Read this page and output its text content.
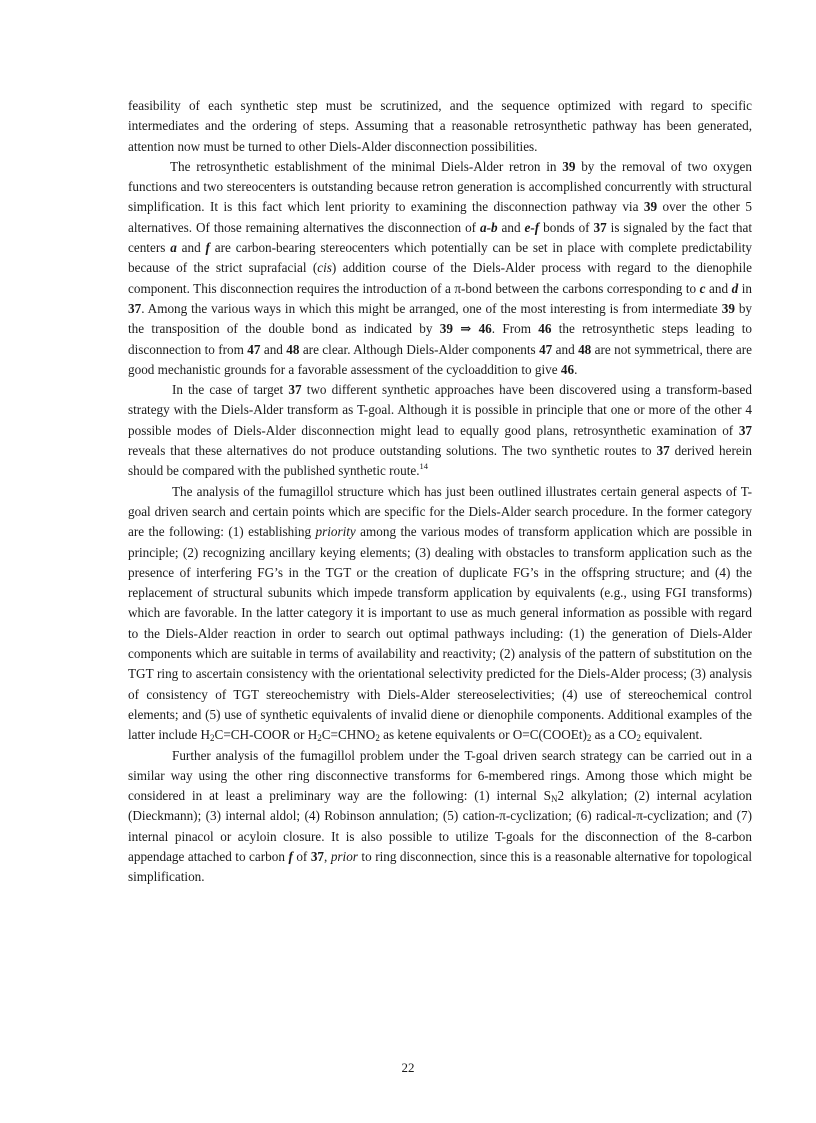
feasibility of each synthetic step must be scrutinized, and the sequence optimized with regard to specific intermediates and the ordering of steps. Assuming that a reasonable retrosynthetic pathway has been generated, attention now must be turned to other Diels-Alder disconnection possibilities.

The retrosynthetic establishment of the minimal Diels-Alder retron in 39 by the removal of two oxygen functions and two stereocenters is outstanding because retron generation is accomplished concurrently with structural simplification. It is this fact which lent priority to examining the disconnection pathway via 39 over the other 5 alternatives. Of those remaining alternatives the disconnection of a-b and e-f bonds of 37 is signaled by the fact that centers a and f are carbon-bearing stereocenters which potentially can be set in place with complete predictability because of the strict suprafacial (cis) addition course of the Diels-Alder process with regard to the dienophile component. This disconnection requires the introduction of a π-bond between the carbons corresponding to c and d in 37. Among the various ways in which this might be arranged, one of the most interesting is from intermediate 39 by the transposition of the double bond as indicated by 39 ⇒ 46. From 46 the retrosynthetic steps leading to disconnection to from 47 and 48 are clear. Although Diels-Alder components 47 and 48 are not symmetrical, there are good mechanistic grounds for a favorable assessment of the cycloaddition to give 46.

In the case of target 37 two different synthetic approaches have been discovered using a transform-based strategy with the Diels-Alder transform as T-goal. Although it is possible in principle that one or more of the other 4 possible modes of Diels-Alder disconnection might lead to equally good plans, retrosynthetic examination of 37 reveals that these alternatives do not produce outstanding solutions. The two synthetic routes to 37 derived herein should be compared with the published synthetic route.$^{14}$

The analysis of the fumagillol structure which has just been outlined illustrates certain general aspects of T-goal driven search and certain points which are specific for the Diels-Alder search procedure. In the former category are the following: (1) establishing priority among the various modes of transform application which are possible in principle; (2) recognizing ancillary keying elements; (3) dealing with obstacles to transform application such as the presence of interfering FG’s in the TGT or the creation of duplicate FG’s in the offspring structure; and (4) the replacement of structural subunits which impede transform application by equivalents (e.g., using FGI transforms) which are favorable. In the latter category it is important to use as much general information as possible with regard to the Diels-Alder reaction in order to search out optimal pathways including: (1) the generation of Diels-Alder components which are suitable in terms of availability and reactivity; (2) analysis of the pattern of substitution on the TGT ring to ascertain consistency with the orientational selectivity predicted for the Diels-Alder process; (3) analysis of consistency of TGT stereochemistry with Diels-Alder stereoselectivities; (4) use of stereochemical control elements; and (5) use of synthetic equivalents of invalid diene or dienophile components. Additional examples of the latter include $H_2C=CH$-COOR or $H_2C=CHNO_2$ as ketene equivalents or $O=C(COOEt)_2$ as a $CO_2$ equivalent.

Further analysis of the fumagillol problem under the T-goal driven search strategy can be carried out in a similar way using the other ring disconnective transforms for 6-membered rings. Among those which might be considered in at least a preliminary way are the following: (1) internal $S_N2$ alkylation; (2) internal acylation (Dieckmann); (3) internal aldol; (4) Robinson annulation; (5) cation-π-cyclization; (6) radical-π-cyclization; and (7) internal pinacol or acyloin closure. It is also possible to utilize T-goals for the disconnection of the 8-carbon appendage attached to carbon f of 37, prior to ring disconnection, since this is a reasonable alternative for topological simplification.

22
